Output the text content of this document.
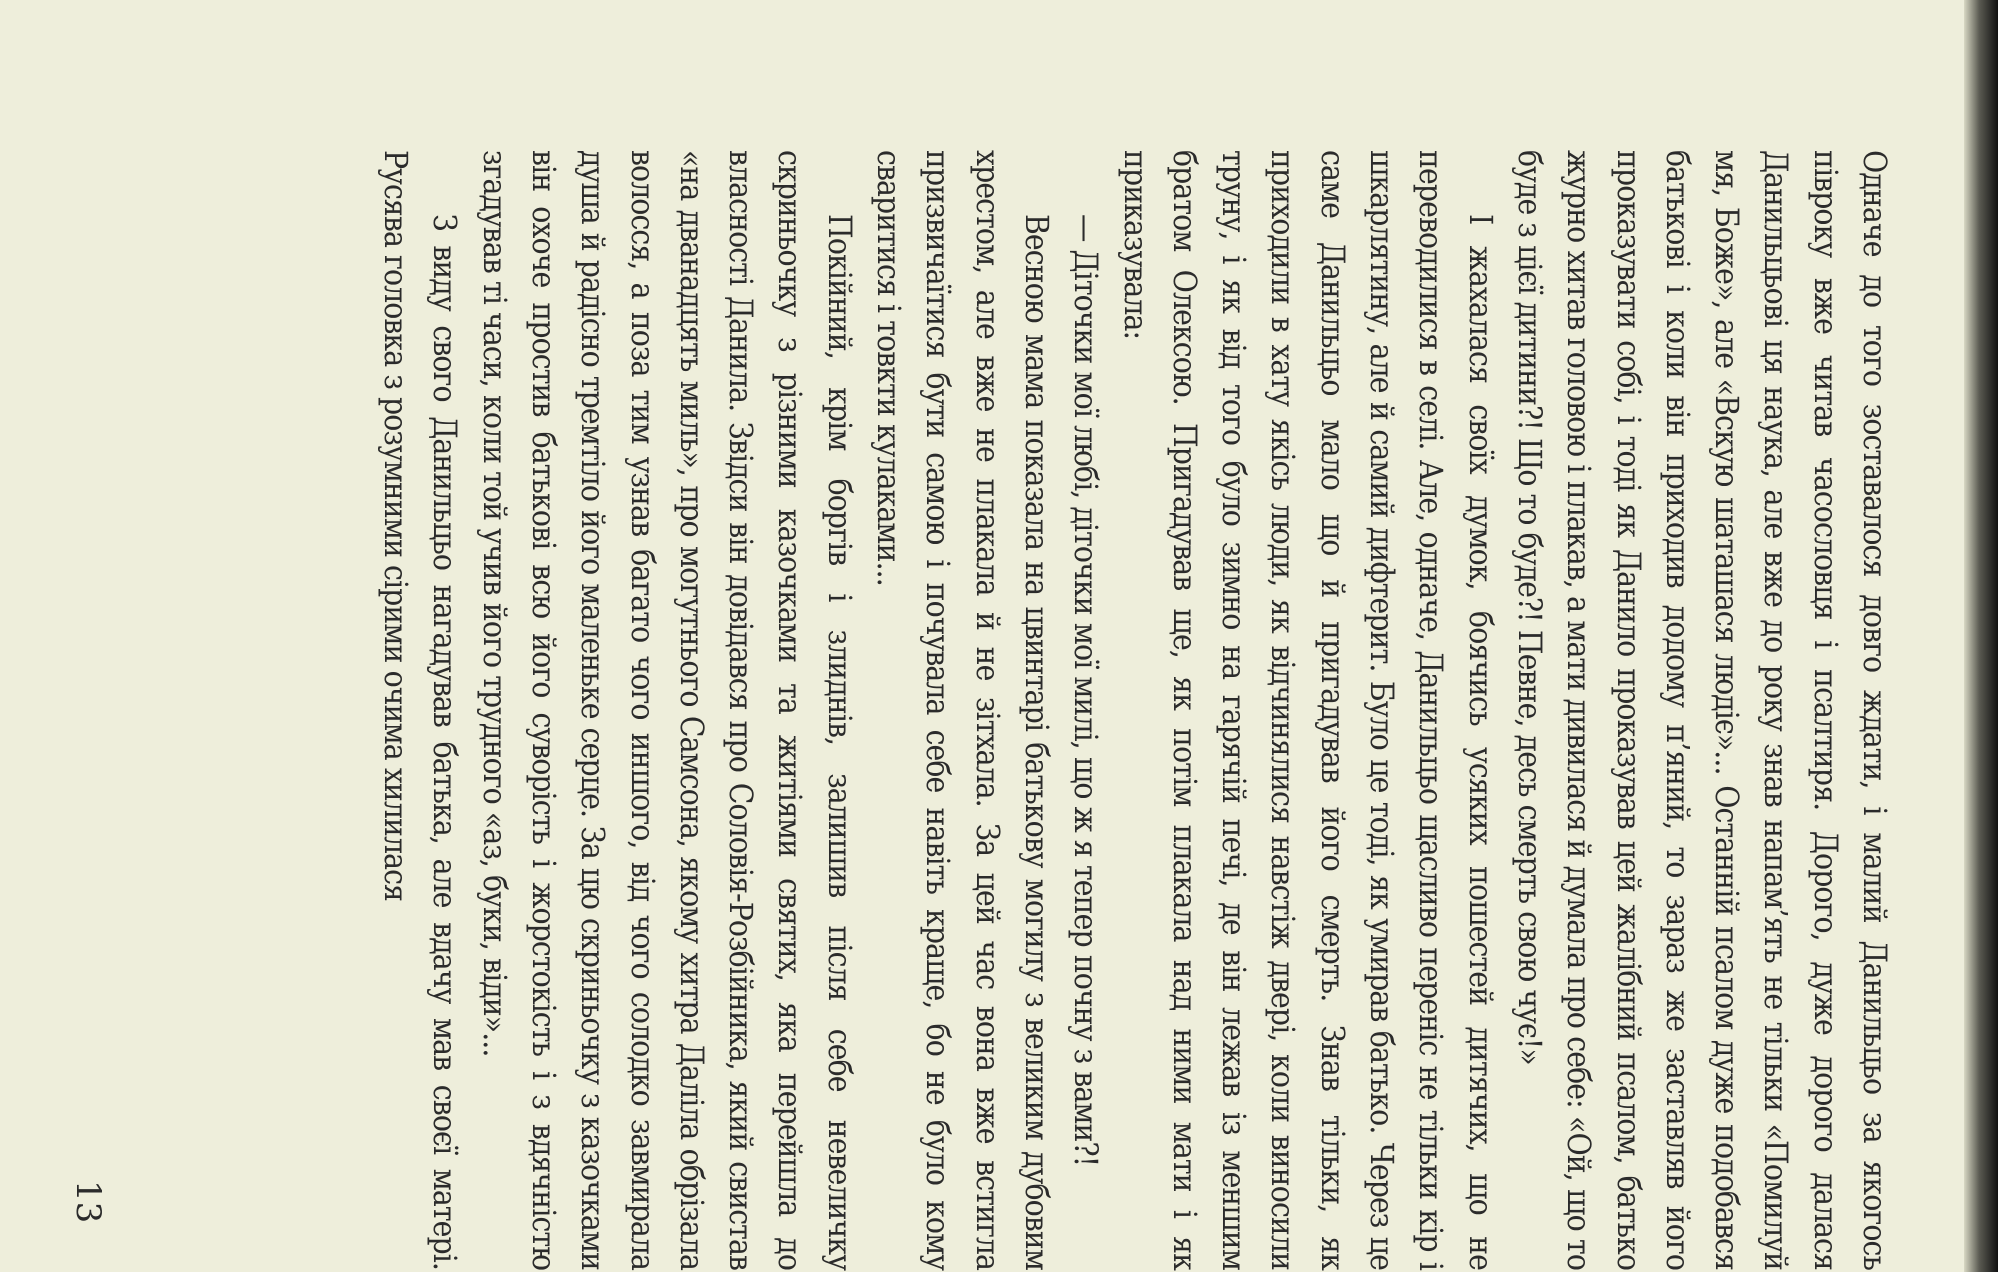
Одначе до того зоставалося довго ждати, і малий Данильцьо за якогось півроку вже читав часословця і псалтиря. Дорого, дуже дорого далася Данильцьові ця наука, але вже до року знав напам’ять не тільки «Помилуй мя, Боже», але «Вскую шаташася людіє»... Останній псалом дуже подобався батькові і коли він приходив додому п’яний, то зараз же заставляв його проказувати собі, і тоді як Данило проказував цей жалібний псалом, батько журно хитав головою і плакав, а мати дивилася й думала про себе: «Ой, що то буде з цієї дитини?! Що то буде?! Певне, десь смерть свою чує!»

І жахалася своїх думок, боячись усяких пошестей дитячих, що не переводилися в селі. Але, одначе, Данильцьо щасливо переніс не тільки кір і шкарлятину, але й самий дифтерит. Було це тоді, як умирав батько. Через це саме Данильцьо мало що й пригадував його смерть. Знав тільки, як приходили в хату якісь люди, як відчинялися навстіж двері, коли виносили труну, і як від того було зимно на гарячій печі, де він лежав із меншим братом Олексою. Пригадував ще, як потім плакала над ними мати і як приказувала:

— Діточки мої любі, діточки мої милі, що ж я тепер почну з вами?!

Весною мама показала на цвинтарі батькову могилу з великим дубовим хрестом, але вже не плакала й не зітхала. За цей час вона вже встигла призвичаїтися бути самою і почувала себе навіть краще, бо не було кому сваритися і товкти кулаками...

Покійний, крім боргів і злиднів, залишив після себе невеличку скриньочку з різними казочками та житіями святих, яка перейшла до власності Данила. Звідси він довідався про Соловія-Розбійника, який свистав «на дванадцять миль», про могутнього Самсона, якому хитра Даліла обрізала волосся, а поза тим узнав багато чого иншого, від чого солодко завмирала душа й радісно тремтіло його маленьке серце. За цю скриньочку з казочками він охоче простив батькові всю його суворість і жорстокість і з вдячністю згадував ті часи, коли той учив його трудного «аз, буки, віди»...

З виду свого Данильцьо нагадував батька, але вдачу мав своєї матері. Русява головка з розумними сірими очима хилилася

13
